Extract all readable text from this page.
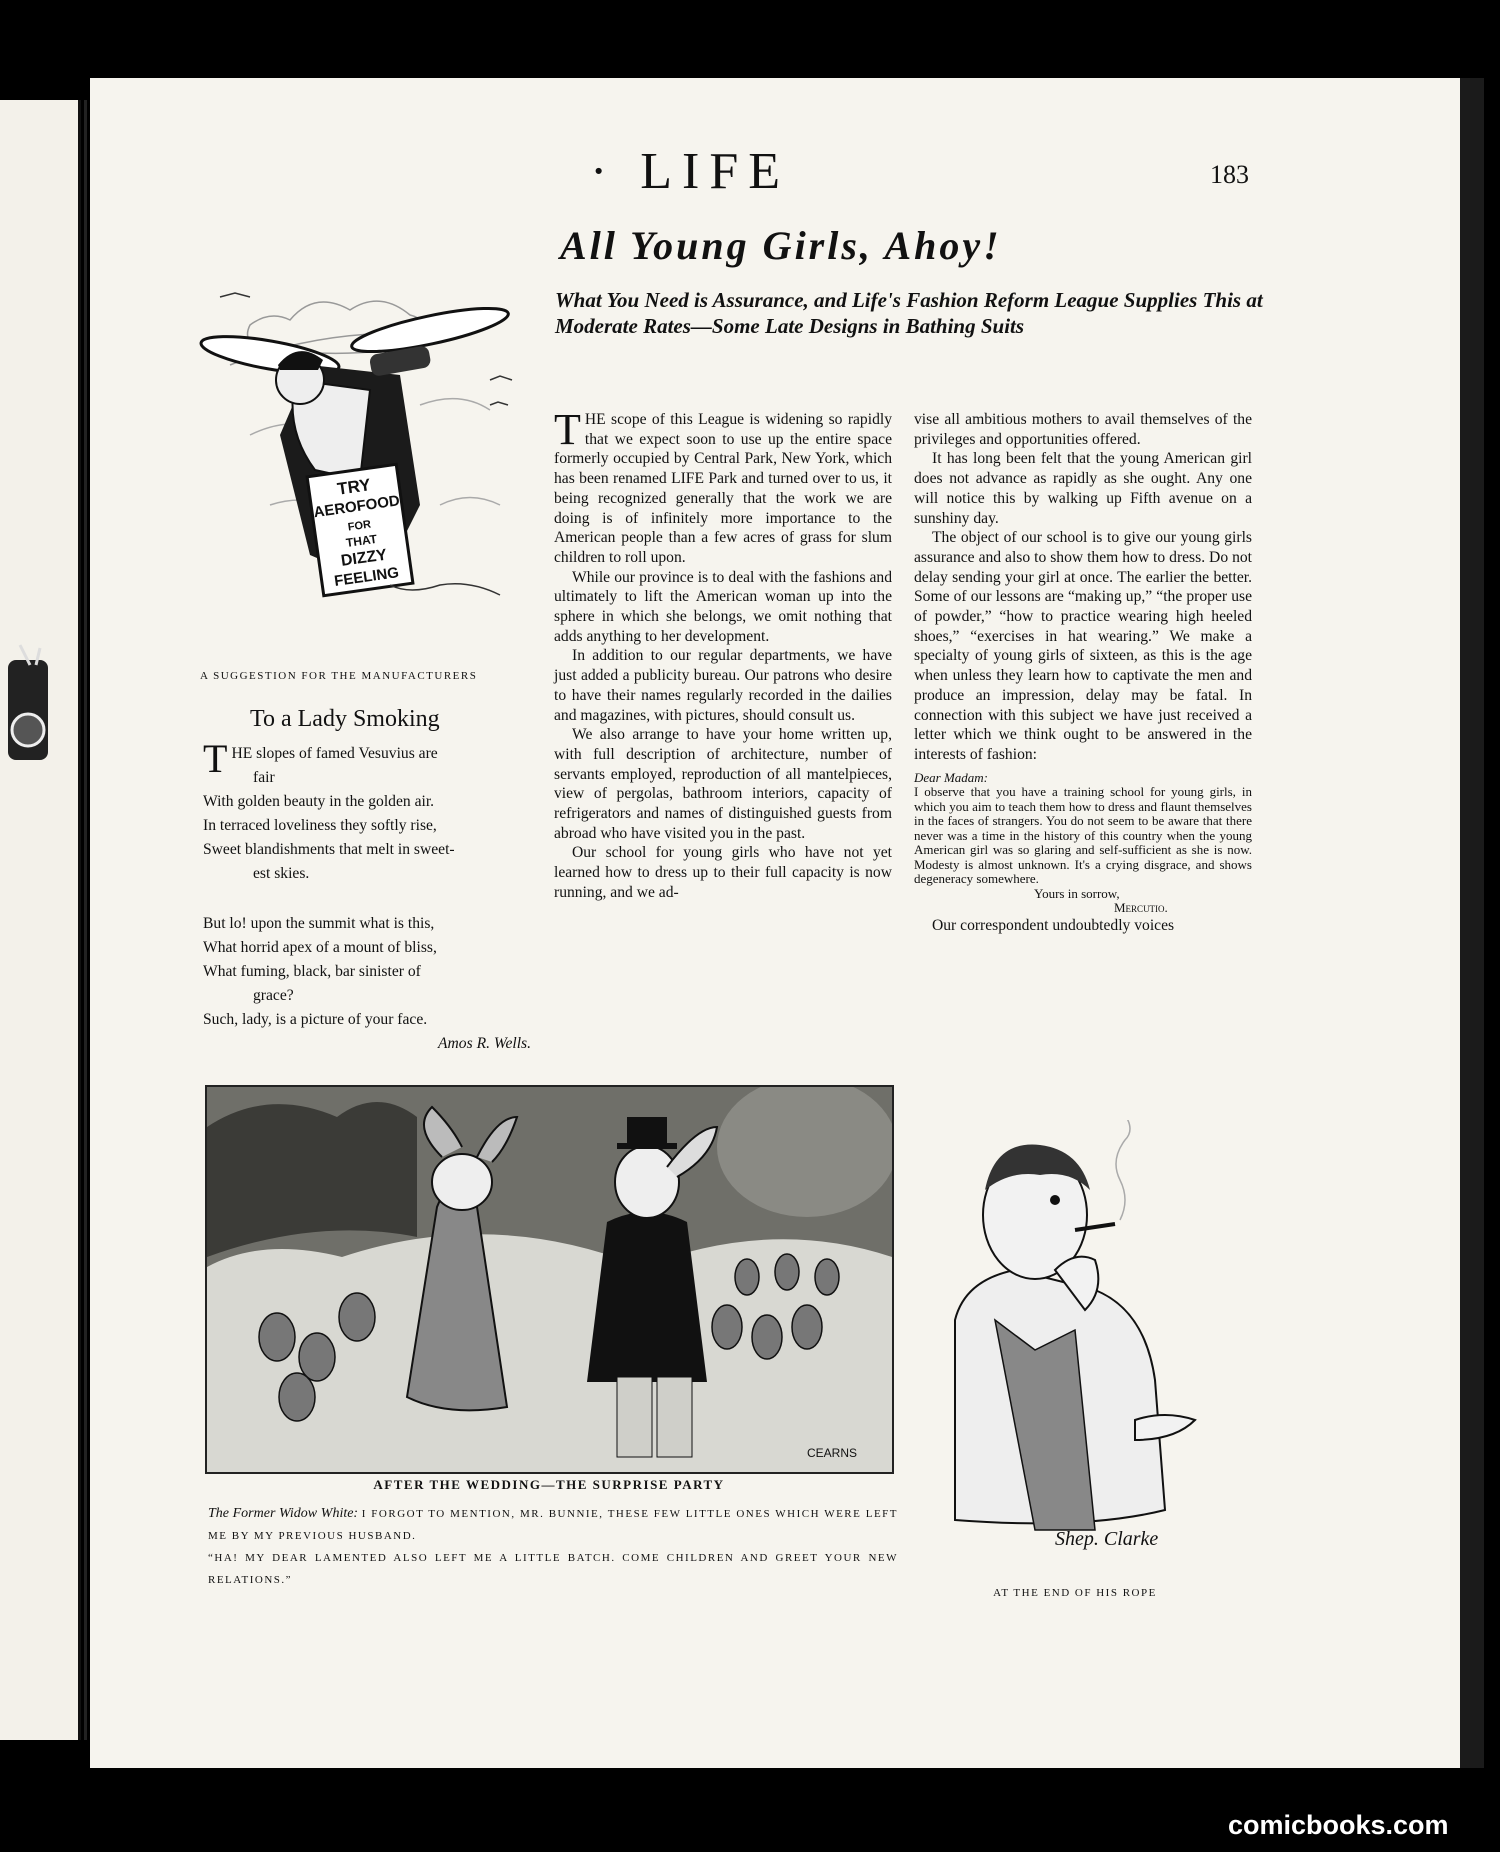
· LIFE	183
All Young Girls, Ahoy!
What You Need is Assurance, and Life's Fashion Reform League Supplies This at Moderate Rates—Some Late Designs in Bathing Suits
TRY
AEROFOOD
FOR
THAT
DIZZY
FEELING
A SUGGESTION FOR THE MANUFACTURERS
To a Lady Smoking
T HE slopes of famed Vesuvius are
fair
With golden beauty in the golden air.
In terraced loveliness they softly rise,
Sweet blandishments that melt in sweet-
est skies.
But lo! upon the summit what is this,
What horrid apex of a mount of bliss,
What fuming, black, bar sinister of
grace?
Such, lady, is a picture of your face.
Amos R. Wells.

THE scope of this League is widening so rapidly that we expect soon to use up the entire space formerly occupied by Central Park, New York, which has been renamed LIFE Park and turned over to us, it being recognized generally that the work we are doing is of infinitely more importance to the American people than a few acres of grass for slum children to roll upon.

While our province is to deal with the fashions and ultimately to lift the American woman up into the sphere in which she belongs, we omit nothing that adds anything to her development.

In addition to our regular departments, we have just added a publicity bureau. Our patrons who desire to have their names regularly recorded in the dailies and magazines, with pictures, should consult us.

We also arrange to have your home written up, with full description of architecture, number of servants employed, reproduction of all mantelpieces, view of pergolas, bathroom interiors, capacity of refrigerators and names of distinguished guests from abroad who have visited you in the past.

Our school for young girls who have not yet learned how to dress up to their full capacity is now running, and we ad-

vise all ambitious mothers to avail themselves of the privileges and opportunities offered.

It has long been felt that the young American girl does not advance as rapidly as she ought. Any one will notice this by walking up Fifth avenue on a sunshiny day.

The object of our school is to give our young girls assurance and also to show them how to dress. Do not delay sending your girl at once. The earlier the better. Some of our lessons are “making up,” “the proper use of powder,” “how to practice wearing high heeled shoes,” “exercises in hat wearing.” We make a specialty of young girls of sixteen, as this is the age when unless they learn how to captivate the men and produce an impression, delay may be fatal. In connection with this subject we have just received a letter which we think ought to be answered in the interests of fashion:

Dear Madam:
I observe that you have a training school for young girls, in which you aim to teach them how to dress and flaunt themselves in the faces of strangers. You do not seem to be aware that there never was a time in the history of this country when the young American girl was so glaring and self-sufficient as she is now. Modesty is almost unknown. It's a crying disgrace, and shows degeneracy somewhere.
Yours in sorrow,
Mercutio.

Our correspondent undoubtedly voices

CEARNS
AFTER THE WEDDING—THE SURPRISE PARTY
The Former Widow White: I FORGOT TO MENTION, MR. BUNNIE, THESE FEW LITTLE ONES WHICH WERE LEFT ME BY MY PREVIOUS HUSBAND.
“HA! MY DEAR LAMENTED ALSO LEFT ME A LITTLE BATCH. COME CHILDREN AND GREET YOUR NEW RELATIONS.”
Shep. Clarke
AT THE END OF HIS ROPE
comicbooks.com
